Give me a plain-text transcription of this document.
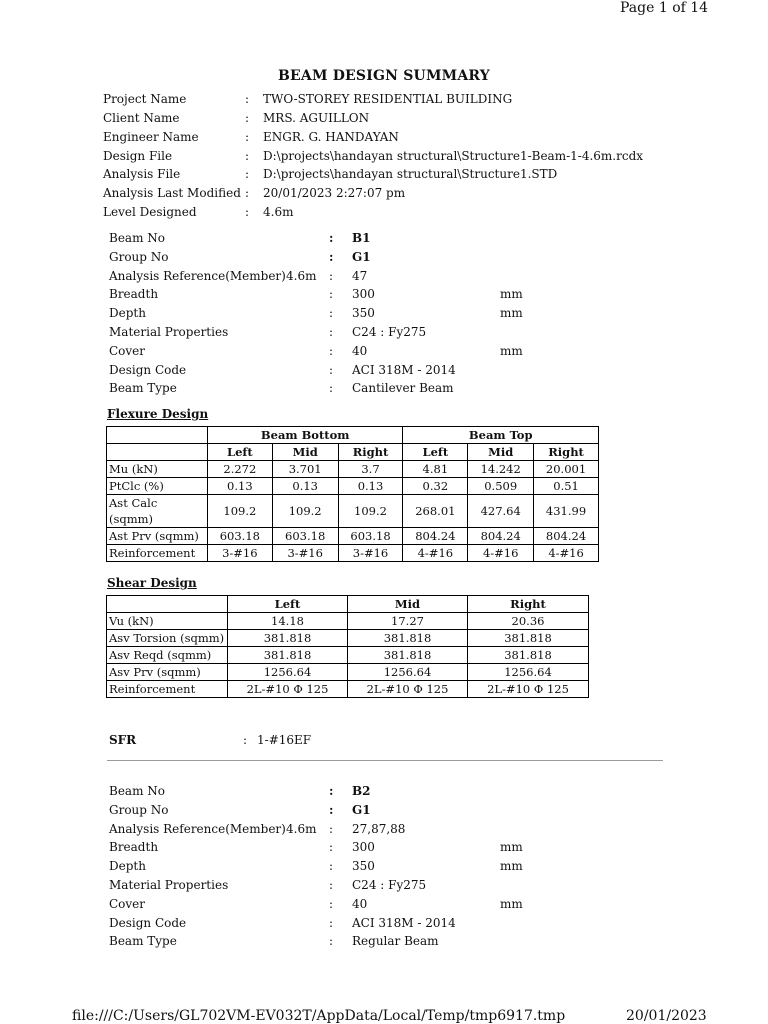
Page 1 of 14
BEAM DESIGN SUMMARY
Project Name	: TWO-STOREY RESIDENTIAL BUILDING
Client Name	: MRS. AGUILLON
Engineer Name	: ENGR. G. HANDAYAN
Design File	: D:\projects\handayan structural\Structure1-Beam-1-4.6m.rcdx
Analysis File	: D:\projects\handayan structural\Structure1.STD
Analysis Last Modified : 20/01/2023 2:27:07 pm
Level Designed	: 4.6m
Beam No	: B1
Group No	: G1
Analysis Reference(Member) 4.6m : 47
Breadth	: 300	mm
Depth	: 350	mm
Material Properties	: C24 : Fy275
Cover	: 40	mm
Design Code	: ACI 318M - 2014
Beam Type	: Cantilever Beam
Flexure Design
	Beam Bottom			Beam Top		
	Left	Mid	Right	Left	Mid	Right
Mu (kN)	2.272	3.701	3.7	4.81	14.242	20.001
PtClc (%)	0.13	0.13	0.13	0.32	0.509	0.51
Ast Calc (sqmm)	109.2	109.2	109.2	268.01	427.64	431.99
Ast Prv (sqmm)	603.18	603.18	603.18	804.24	804.24	804.24
Reinforcement	3-#16	3-#16	3-#16	4-#16	4-#16	4-#16
Shear Design
	Left	Mid	Right
Vu (kN)	14.18	17.27	20.36
Asv Torsion (sqmm)	381.818	381.818	381.818
Asv Reqd (sqmm)	381.818	381.818	381.818
Asv Prv (sqmm)	1256.64	1256.64	1256.64
Reinforcement	2L-#10 Φ 125	2L-#10 Φ 125	2L-#10 Φ 125
SFR	: 1-#16EF
Beam No	: B2
Group No	: G1
Analysis Reference(Member) 4.6m : 27,87,88
Breadth	: 300	mm
Depth	: 350	mm
Material Properties	: C24 : Fy275
Cover	: 40	mm
Design Code	: ACI 318M - 2014
Beam Type	: Regular Beam
file:///C:/Users/GL702VM-EV032T/AppData/Local/Temp/tmp6917.tmp	20/01/2023
